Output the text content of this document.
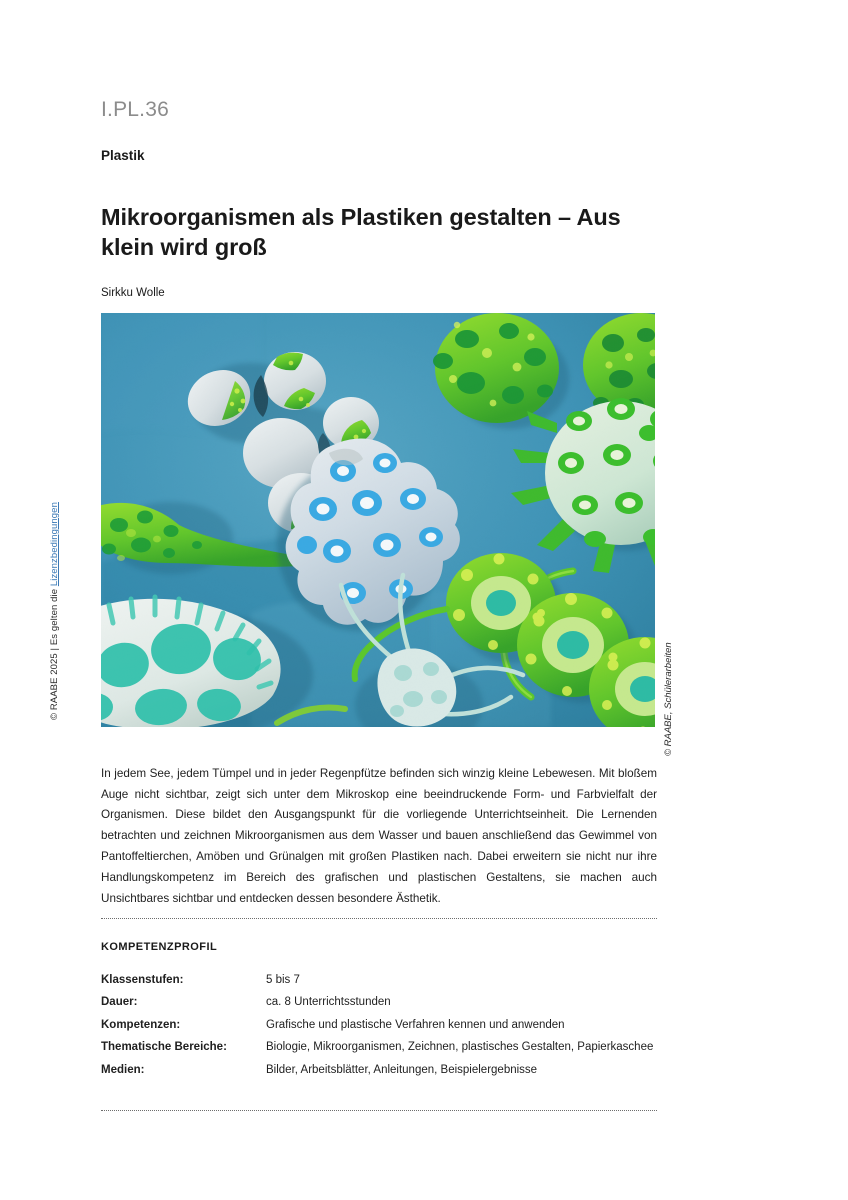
© RAABE 2025 | Es gelten die Lizenzbedingungen
© RAABE, Schülerarbeiten
I.PL.36
Plastik
Mikroorganismen als Plastiken gestalten – Aus klein wird groß
Sirkku Wolle

In jedem See, jedem Tümpel und in jeder Regenpfütze befinden sich winzig kleine Lebewesen. Mit bloßem Auge nicht sichtbar, zeigt sich unter dem Mikroskop eine beeindruckende Form- und Farbvielfalt der Organismen. Diese bildet den Ausgangspunkt für die vorliegende Unterrichtseinheit. Die Lernenden betrachten und zeichnen Mikroorganismen aus dem Wasser und bauen anschließend das Gewimmel von Pantoffeltierchen, Amöben und Grünalgen mit großen Plastiken nach. Dabei erweitern sie nicht nur ihre Handlungskompetenz im Bereich des grafischen und plastischen Gestaltens, sie machen auch Unsichtbares sichtbar und entdecken dessen besondere Ästhetik.

KOMPETENZPROFIL
Klassenstufen:	5 bis 7
Dauer:	ca. 8 Unterrichtsstunden
Kompetenzen:	Grafische und plastische Verfahren kennen und anwenden
Thematische Bereiche:	Biologie, Mikroorganismen, Zeichnen, plastisches Gestalten, Papierkaschee
Medien:	Bilder, Arbeitsblätter, Anleitungen, Beispielergebnisse
